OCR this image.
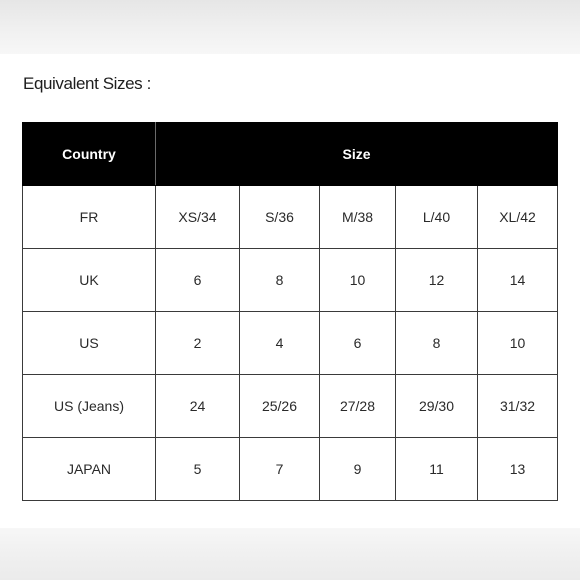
Equivalent Sizes :
Country	Size				
FR	XS/34	S/36	M/38	L/40	XL/42
UK	6	8	10	12	14
US	2	4	6	8	10
US (Jeans)	24	25/26	27/28	29/30	31/32
JAPAN	5	7	9	11	13
